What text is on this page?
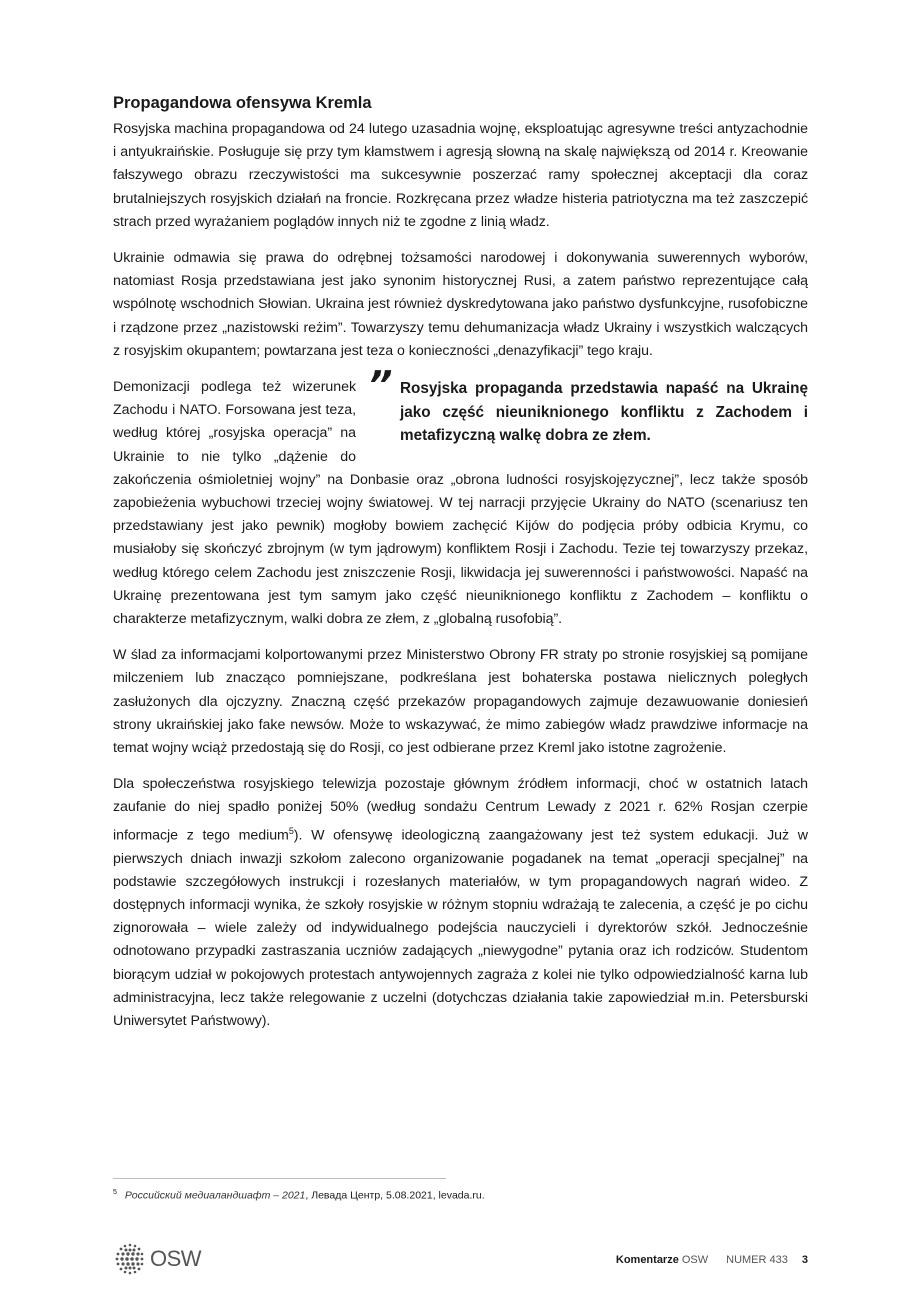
Propagandowa ofensywa Kremla

Rosyjska machina propagandowa od 24 lutego uzasadnia wojnę, eksploatując agresywne treści antyzachodnie i antyukraińskie. Posługuje się przy tym kłamstwem i agresją słowną na skalę największą od 2014 r. Kreowanie fałszywego obrazu rzeczywistości ma sukcesywnie poszerzać ramy społecznej akceptacji dla coraz brutalniejszych rosyjskich działań na froncie. Rozkręcana przez władze histeria patriotyczna ma też zaszczepić strach przed wyrażaniem poglądów innych niż te zgodne z linią władz.

Ukrainie odmawia się prawa do odrębnej tożsamości narodowej i dokonywania suwerennych wyborów, natomiast Rosja przedstawiana jest jako synonim historycznej Rusi, a zatem państwo reprezentujące całą wspólnotę wschodnich Słowian. Ukraina jest również dyskredytowana jako państwo dysfunkcyjne, rusofobiczne i rządzone przez „nazistowski reżim”. Towarzyszy temu dehumanizacja władz Ukrainy i wszystkich walczących z rosyjskim okupantem; powtarzana jest teza o konieczności „denazyfikacji” tego kraju.

” Rosyjska propaganda przedstawia napaść na Ukrainę jako część nieuniknionego konfliktu z Zachodem i metafizyczną walkę dobra ze złem.

Demonizacji podlega też wizerunek Zachodu i NATO. Forsowana jest teza, według której „rosyjska operacja” na Ukrainie to nie tylko „dążenie do zakończenia ośmioletniej wojny” na Donbasie oraz „obrona ludności rosyjskojęzycznej”, lecz także sposób zapobieżenia wybuchowi trzeciej wojny światowej. W tej narracji przyjęcie Ukrainy do NATO (scenariusz ten przedstawiany jest jako pewnik) mogłoby bowiem zachęcić Kijów do podjęcia próby odbicia Krymu, co musiałoby się skończyć zbrojnym (w tym jądrowym) konfliktem Rosji i Zachodu. Tezie tej towarzyszy przekaz, według którego celem Zachodu jest zniszczenie Rosji, likwidacja jej suwerenności i państwowości. Napaść na Ukrainę prezentowana jest tym samym jako część nieuniknionego konfliktu z Zachodem – konfliktu o charakterze metafizycznym, walki dobra ze złem, z „globalną rusofobią”.

W ślad za informacjami kolportowanymi przez Ministerstwo Obrony FR straty po stronie rosyjskiej są pomijane milczeniem lub znacząco pomniejszane, podkreślana jest bohaterska postawa nielicznych poległych zasłużonych dla ojczyzny. Znaczną część przekazów propagandowych zajmuje dezawuowanie doniesień strony ukraińskiej jako fake newsów. Może to wskazywać, że mimo zabiegów władz prawdziwe informacje na temat wojny wciąż przedostają się do Rosji, co jest odbierane przez Kreml jako istotne zagrożenie.

Dla społeczeństwa rosyjskiego telewizja pozostaje głównym źródłem informacji, choć w ostatnich latach zaufanie do niej spadło poniżej 50% (według sondażu Centrum Lewady z 2021 r. 62% Rosjan czerpie informacje z tego medium$^5$). W ofensywę ideologiczną zaangażowany jest też system edukacji. Już w pierwszych dniach inwazji szkołom zalecono organizowanie pogadanek na temat „operacji specjalnej” na podstawie szczegółowych instrukcji i rozesłanych materiałów, w tym propagandowych nagrań wideo. Z dostępnych informacji wynika, że szkoły rosyjskie w różnym stopniu wdrażają te zalecenia, a część je po cichu zignorowała – wiele zależy od indywidualnego podejścia nauczycieli i dyrektorów szkół. Jednocześnie odnotowano przypadki zastraszania uczniów zadających „niewygodne” pytania oraz ich rodziców. Studentom biorącym udział w pokojowych protestach antywojennych zagraża z kolei nie tylko odpowiedzialność karna lub administracyjna, lecz także relegowanie z uczelni (dotychczas działania takie zapowiedział m.in. Petersburski Uniwersytet Państwowy).

$^5$ Российский медиаландшафт – 2021, Левада Центр, 5.08.2021, levada.ru.
OSW	Komentarze OSW NUMER 433 3
